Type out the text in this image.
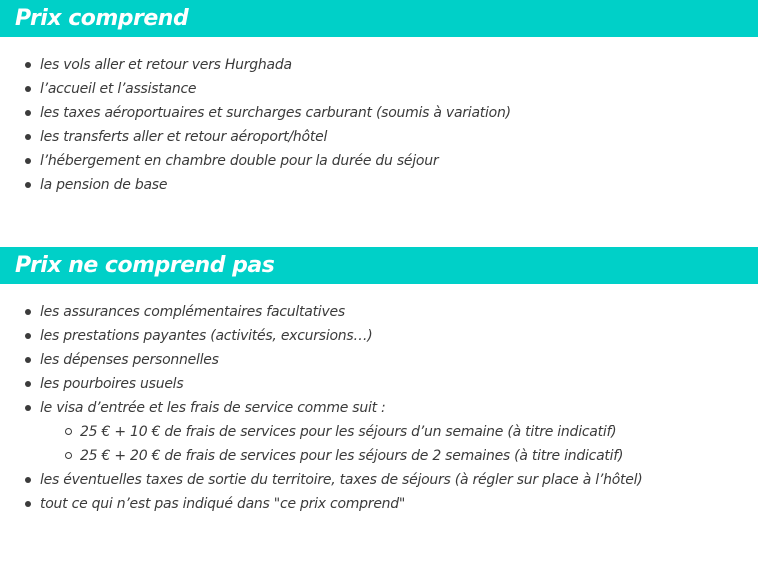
Prix comprend
les vols aller et retour vers Hurghada
l’accueil et l’assistance
les taxes aéroportuaires et surcharges carburant (soumis à variation)
les transferts aller et retour aéroport/hôtel
l’hébergement en chambre double pour la durée du séjour
la pension de base
Prix ne comprend pas
les assurances complémentaires facultatives
les prestations payantes (activités, excursions…)
les dépenses personnelles
les pourboires usuels
le visa d’entrée et les frais de service comme suit :
25 € + 10 € de frais de services pour les séjours d’un semaine (à titre indicatif)
25 € + 20 € de frais de services pour les séjours de 2 semaines (à titre indicatif)
les éventuelles taxes de sortie du territoire, taxes de séjours (à régler sur place à l’hôtel)
tout ce qui n’est pas indiqué dans "ce prix comprend"
